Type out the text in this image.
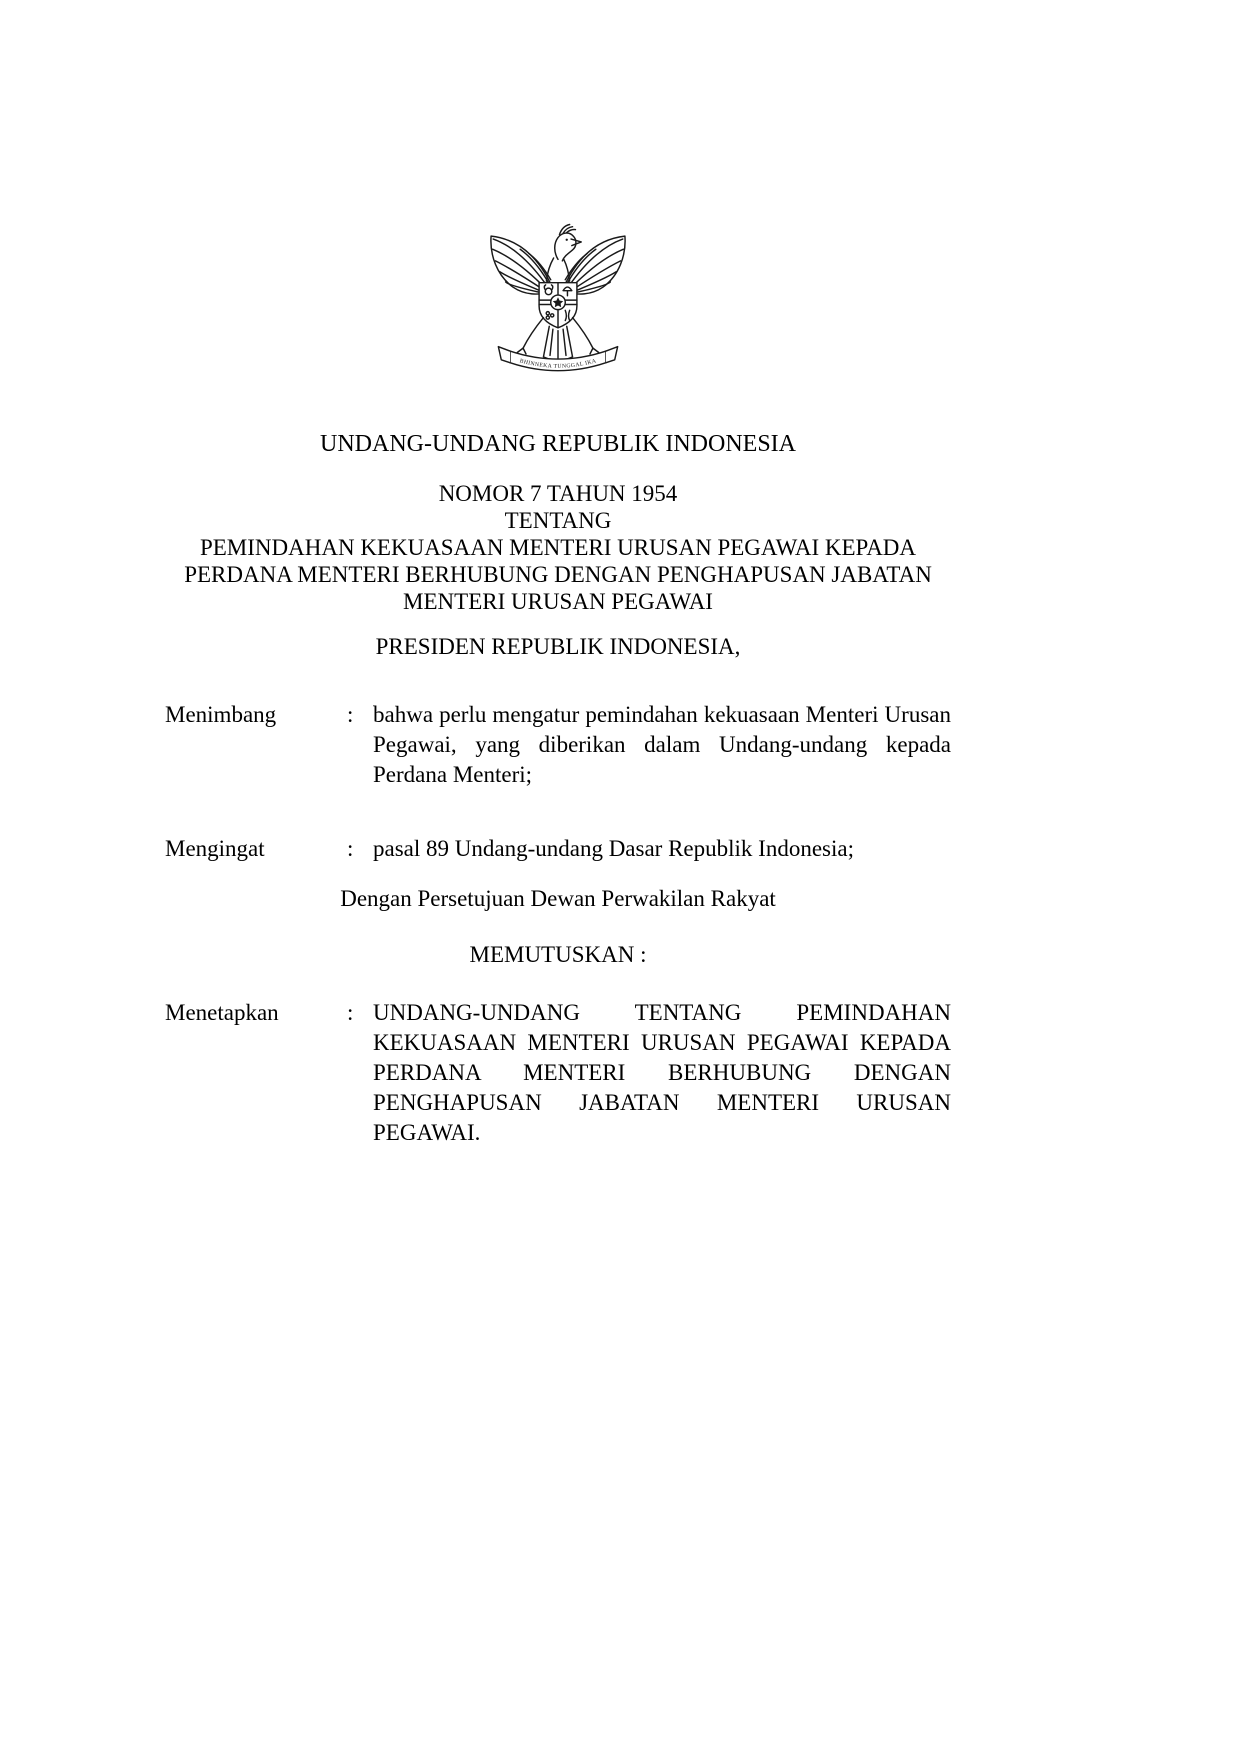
BHINNEKA TUNGGAL IKA
UNDANG-UNDANG REPUBLIK INDONESIA
NOMOR 7 TAHUN 1954
TENTANG
PEMINDAHAN KEKUASAAN MENTERI URUSAN PEGAWAI KEPADA
PERDANA MENTERI BERHUBUNG DENGAN PENGHAPUSAN JABATAN
MENTERI URUSAN PEGAWAI
PRESIDEN REPUBLIK INDONESIA,
Menimbang	: bahwa perlu mengatur pemindahan kekuasaan Menteri Urusan Pegawai, yang diberikan dalam Undang-undang kepada Perdana Menteri;
Mengingat	: pasal 89 Undang-undang Dasar Republik Indonesia;
Dengan Persetujuan Dewan Perwakilan Rakyat
MEMUTUSKAN :
Menetapkan	: UNDANG-UNDANG TENTANG PEMINDAHAN KEKUASAAN MENTERI URUSAN PEGAWAI KEPADA PERDANA MENTERI BERHUBUNG DENGAN PENGHAPUSAN JABATAN MENTERI URUSAN PEGAWAI.
